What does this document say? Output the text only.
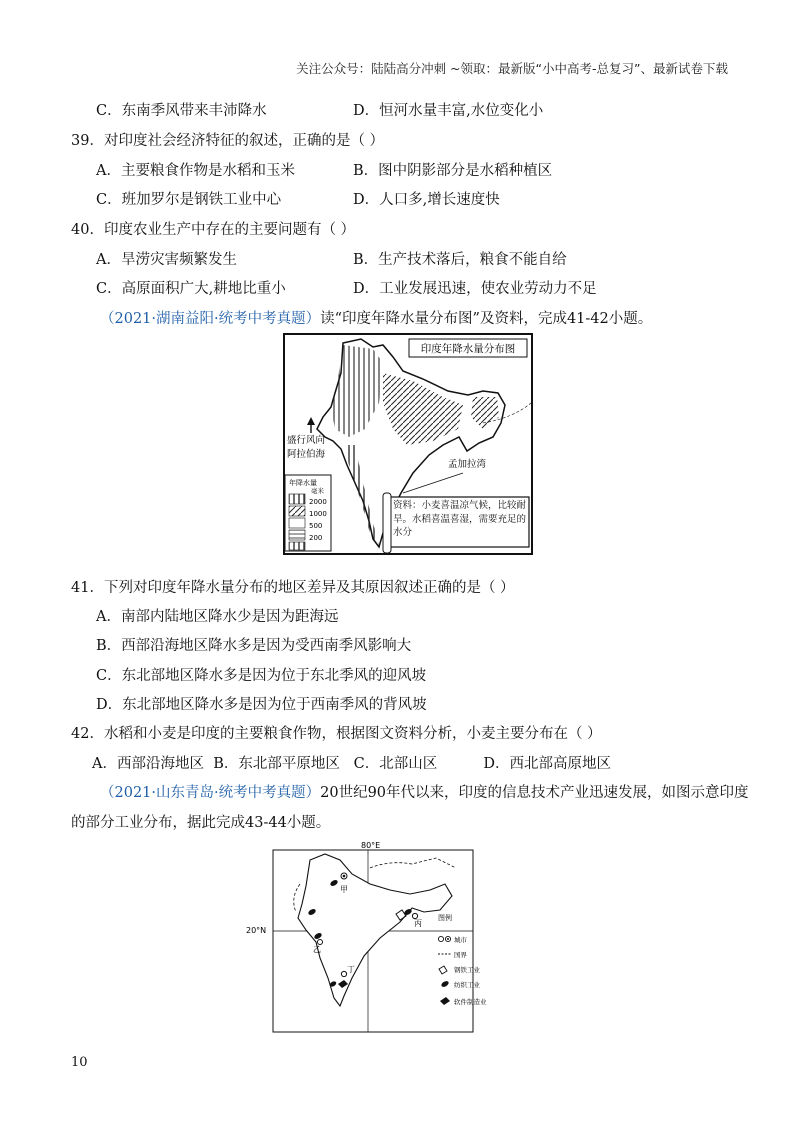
关注公众号：陆陆高分冲刺 ~领取：最新版“小中高考-总复习”、最新试卷下载
C．东南季风带来丰沛降水	D．恒河水量丰富,水位变化小
39．对印度社会经济特征的叙述，正确的是（ ）
A．主要粮食作物是水稻和玉米	B．图中阴影部分是水稻种植区
C．班加罗尔是钢铁工业中心	D．人口多,增长速度快
40．印度农业生产中存在的主要问题有（ ）
A．旱涝灾害频繁发生	B．生产技术落后，粮食不能自给
C．高原面积广大,耕地比重小	D．工业发展迅速，使农业劳动力不足
（2021·湖南益阳·统考中考真题）读“印度年降水量分布图”及资料，完成41-42小题。
印度年降水量分布图
盛行风向
阿拉伯海
孟加拉湾
年降水量
毫米
2000
1000
500
200
资料：小麦喜温凉气候，比较耐旱。水稻喜温喜湿，需要充足的水分
41．下列对印度年降水量分布的地区差异及其原因叙述正确的是（ ）
A．南部内陆地区降水少是因为距海远
B．西部沿海地区降水多是因为受西南季风影响大
C．东北部地区降水多是因为位于东北季风的迎风坡
D．东北部地区降水多是因为位于西南季风的背风坡
42．水稻和小麦是印度的主要粮食作物，根据图文资料分析，小麦主要分布在（ ）
A．西部沿海地区  B．东北部平原地区   C．北部山区          D．西北部高原地区
（2021·山东青岛·统考中考真题）20世纪90年代以来，印度的信息技术产业迅速发展，如图示意印度
的部分工业分布，据此完成43-44小题。
80°E
20°N
甲
乙
丙
丁
图例
城市
国界
钢铁工业
纺织工业
软件制造业
10
